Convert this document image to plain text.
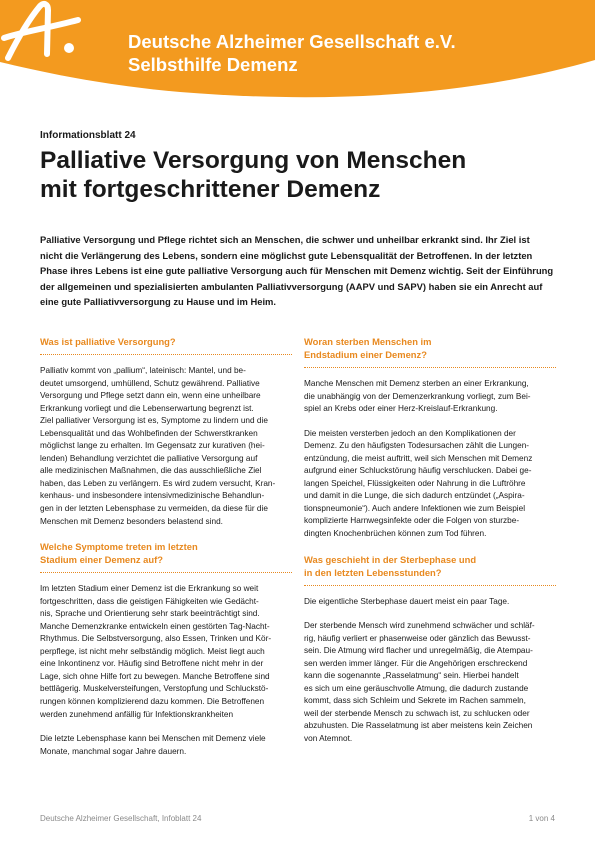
Deutsche Alzheimer Gesellschaft e.V.
Selbsthilfe Demenz
Informationsblatt 24
Palliative Versorgung von Menschen
mit fortgeschrittener Demenz
Palliative Versorgung und Pflege richtet sich an Menschen, die schwer und unheilbar erkrankt sind. Ihr Ziel ist
nicht die Verlängerung des Lebens, sondern eine möglichst gute Lebensqualität der Betroffenen. In der letzten
Phase ihres Lebens ist eine gute palliative Versorgung auch für Menschen mit Demenz wichtig. Seit der Einführung
der allgemeinen und spezialisierten ambulanten Palliativversorgung (AAPV und SAPV) haben sie ein Anrecht auf
eine gute Palliativversorgung zu Hause und im Heim.
Was ist palliative Versorgung?
Palliativ kommt von „pallium“, lateinisch: Mantel, und be-
deutet umsorgend, umhüllend, Schutz gewährend. Palliative
Versorgung und Pflege setzt dann ein, wenn eine unheilbare
Erkrankung vorliegt und die Lebenserwartung begrenzt ist.
Ziel palliativer Versorgung ist es, Symptome zu lindern und die
Lebensqualität und das Wohlbefinden der Schwerstkranken
möglichst lange zu erhalten. Im Gegensatz zur kurativen (hei-
lenden) Behandlung verzichtet die palliative Versorgung auf
alle medizinischen Maßnahmen, die das ausschließliche Ziel
haben, das Leben zu verlängern. Es wird zudem versucht, Kran-
kenhaus- und insbesondere intensivmedizinische Behandlun-
gen in der letzten Lebensphase zu vermeiden, da diese für die
Menschen mit Demenz besonders belastend sind.
Welche Symptome treten im letzten
Stadium einer Demenz auf?
Im letzten Stadium einer Demenz ist die Erkrankung so weit
fortgeschritten, dass die geistigen Fähigkeiten wie Gedächt-
nis, Sprache und Orientierung sehr stark beeinträchtigt sind.
Manche Demenzkranke entwickeln einen gestörten Tag-Nacht-
Rhythmus. Die Selbstversorgung, also Essen, Trinken und Kör-
perpflege, ist nicht mehr selbständig möglich. Meist liegt auch
eine Inkontinenz vor. Häufig sind Betroffene nicht mehr in der
Lage, sich ohne Hilfe fort zu bewegen. Manche Betroffene sind
bettlägerig. Muskelversteifungen, Verstopfung und Schluckstö-
rungen können komplizierend dazu kommen. Die Betroffenen
werden zunehmend anfällig für Infektionskrankheiten
Die letzte Lebensphase kann bei Menschen mit Demenz viele
Monate, manchmal sogar Jahre dauern.
Woran sterben Menschen im
Endstadium einer Demenz?
Manche Menschen mit Demenz sterben an einer Erkrankung,
die unabhängig von der Demenzerkrankung vorliegt, zum Bei-
spiel an Krebs oder einer Herz-Kreislauf-Erkrankung.
Die meisten versterben jedoch an den Komplikationen der
Demenz. Zu den häufigsten Todesursachen zählt die Lungen-
entzündung, die meist auftritt, weil sich Menschen mit Demenz
aufgrund einer Schluckstörung häufig verschlucken. Dabei ge-
langen Speichel, Flüssigkeiten oder Nahrung in die Luftröhre
und damit in die Lunge, die sich dadurch entzündet („Aspira-
tionspneumonie“). Auch andere Infektionen wie zum Beispiel
komplizierte Harnwegsinfekte oder die Folgen von sturzbe-
dingten Knochenbrüchen können zum Tod führen.
Was geschieht in der Sterbephase und
in den letzten Lebensstunden?
Die eigentliche Sterbephase dauert meist ein paar Tage.
Der sterbende Mensch wird zunehmend schwächer und schläf-
rig, häufig verliert er phasenweise oder gänzlich das Bewusst-
sein. Die Atmung wird flacher und unregelmäßig, die Atempau-
sen werden immer länger. Für die Angehörigen erschreckend
kann die sogenannte „Rasselatmung“ sein. Hierbei handelt
es sich um eine geräuschvolle Atmung, die dadurch zustande
kommt, dass sich Schleim und Sekrete im Rachen sammeln,
weil der sterbende Mensch zu schwach ist, zu schlucken oder
abzuhusten. Die Rasselatmung ist aber meistens kein Zeichen
von Atemnot.
Deutsche Alzheimer Gesellschaft, Infoblatt 24	1 von 4
